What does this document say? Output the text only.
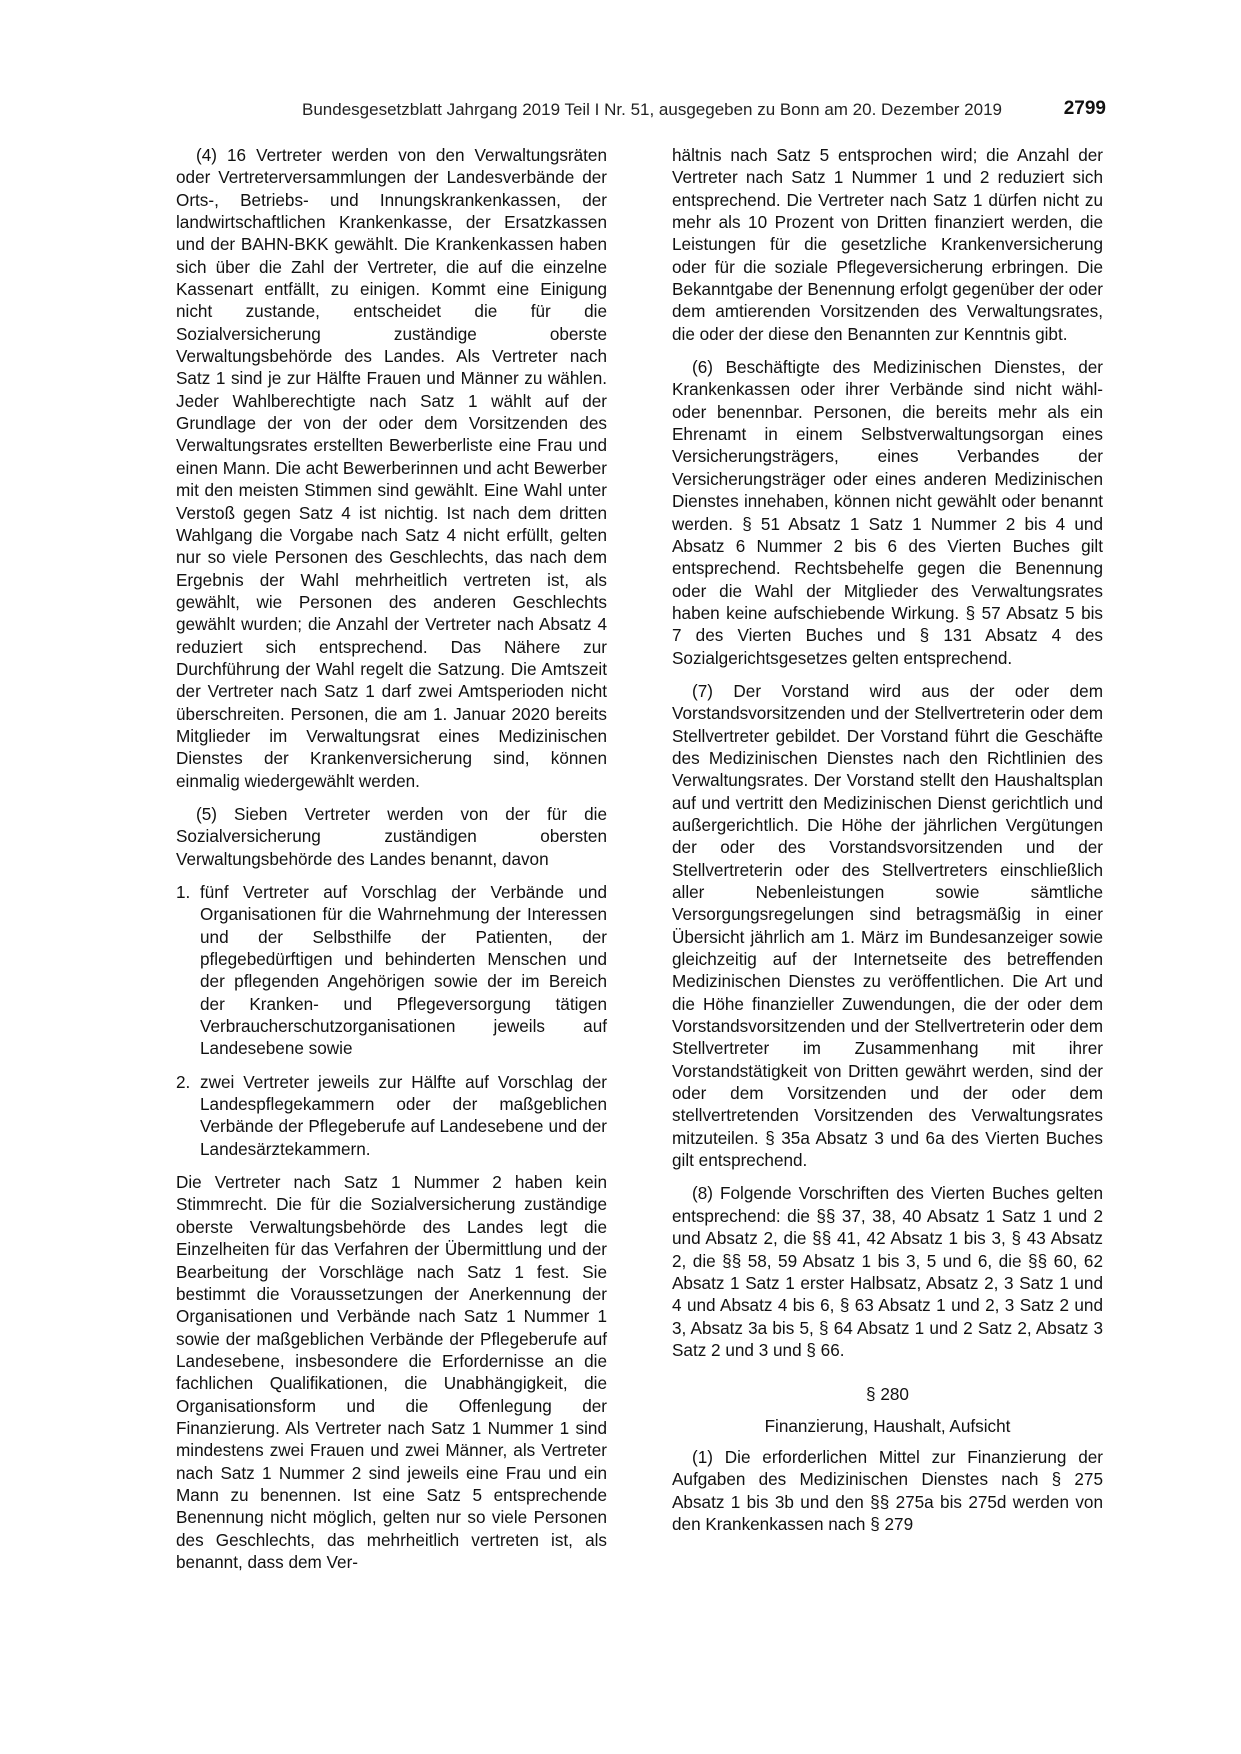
Bundesgesetzblatt Jahrgang 2019 Teil I Nr. 51, ausgegeben zu Bonn am 20. Dezember 2019	2799

(4) 16 Vertreter werden von den Verwaltungsräten oder Vertreterversammlungen der Landesverbände der Orts-, Betriebs- und Innungskrankenkassen, der landwirtschaftlichen Krankenkasse, der Ersatzkassen und der BAHN-BKK gewählt. Die Krankenkassen haben sich über die Zahl der Vertreter, die auf die einzelne Kassenart entfällt, zu einigen. Kommt eine Einigung nicht zustande, entscheidet die für die Sozialversicherung zuständige oberste Verwaltungsbehörde des Landes. Als Vertreter nach Satz 1 sind je zur Hälfte Frauen und Männer zu wählen. Jeder Wahlberechtigte nach Satz 1 wählt auf der Grundlage der von der oder dem Vorsitzenden des Verwaltungsrates erstellten Bewerberliste eine Frau und einen Mann. Die acht Bewerberinnen und acht Bewerber mit den meisten Stimmen sind gewählt. Eine Wahl unter Verstoß gegen Satz 4 ist nichtig. Ist nach dem dritten Wahlgang die Vorgabe nach Satz 4 nicht erfüllt, gelten nur so viele Personen des Geschlechts, das nach dem Ergebnis der Wahl mehrheitlich vertreten ist, als gewählt, wie Personen des anderen Geschlechts gewählt wurden; die Anzahl der Vertreter nach Absatz 4 reduziert sich entsprechend. Das Nähere zur Durchführung der Wahl regelt die Satzung. Die Amtszeit der Vertreter nach Satz 1 darf zwei Amtsperioden nicht überschreiten. Personen, die am 1. Januar 2020 bereits Mitglieder im Verwaltungsrat eines Medizinischen Dienstes der Krankenversicherung sind, können einmalig wiedergewählt werden.

(5) Sieben Vertreter werden von der für die Sozialversicherung zuständigen obersten Verwaltungsbehörde des Landes benannt, davon

1. fünf Vertreter auf Vorschlag der Verbände und Organisationen für die Wahrnehmung der Interessen und der Selbsthilfe der Patienten, der pflegebedürftigen und behinderten Menschen und der pflegenden Angehörigen sowie der im Bereich der Kranken- und Pflegeversorgung tätigen Verbraucherschutzorganisationen jeweils auf Landesebene sowie
2. zwei Vertreter jeweils zur Hälfte auf Vorschlag der Landespflegekammern oder der maßgeblichen Verbände der Pflegeberufe auf Landesebene und der Landesärztekammern.

Die Vertreter nach Satz 1 Nummer 2 haben kein Stimmrecht. Die für die Sozialversicherung zuständige oberste Verwaltungsbehörde des Landes legt die Einzelheiten für das Verfahren der Übermittlung und der Bearbeitung der Vorschläge nach Satz 1 fest. Sie bestimmt die Voraussetzungen der Anerkennung der Organisationen und Verbände nach Satz 1 Nummer 1 sowie der maßgeblichen Verbände der Pflegeberufe auf Landesebene, insbesondere die Erfordernisse an die fachlichen Qualifikationen, die Unabhängigkeit, die Organisationsform und die Offenlegung der Finanzierung. Als Vertreter nach Satz 1 Nummer 1 sind mindestens zwei Frauen und zwei Männer, als Vertreter nach Satz 1 Nummer 2 sind jeweils eine Frau und ein Mann zu benennen. Ist eine Satz 5 entsprechende Benennung nicht möglich, gelten nur so viele Personen des Geschlechts, das mehrheitlich vertreten ist, als benannt, dass dem Ver-

hältnis nach Satz 5 entsprochen wird; die Anzahl der Vertreter nach Satz 1 Nummer 1 und 2 reduziert sich entsprechend. Die Vertreter nach Satz 1 dürfen nicht zu mehr als 10 Prozent von Dritten finanziert werden, die Leistungen für die gesetzliche Krankenversicherung oder für die soziale Pflegeversicherung erbringen. Die Bekanntgabe der Benennung erfolgt gegenüber der oder dem amtierenden Vorsitzenden des Verwaltungsrates, die oder der diese den Benannten zur Kenntnis gibt.

(6) Beschäftigte des Medizinischen Dienstes, der Krankenkassen oder ihrer Verbände sind nicht wähl- oder benennbar. Personen, die bereits mehr als ein Ehrenamt in einem Selbstverwaltungsorgan eines Versicherungsträgers, eines Verbandes der Versicherungsträger oder eines anderen Medizinischen Dienstes innehaben, können nicht gewählt oder benannt werden. § 51 Absatz 1 Satz 1 Nummer 2 bis 4 und Absatz 6 Nummer 2 bis 6 des Vierten Buches gilt entsprechend. Rechtsbehelfe gegen die Benennung oder die Wahl der Mitglieder des Verwaltungsrates haben keine aufschiebende Wirkung. § 57 Absatz 5 bis 7 des Vierten Buches und § 131 Absatz 4 des Sozialgerichtsgesetzes gelten entsprechend.

(7) Der Vorstand wird aus der oder dem Vorstandsvorsitzenden und der Stellvertreterin oder dem Stellvertreter gebildet. Der Vorstand führt die Geschäfte des Medizinischen Dienstes nach den Richtlinien des Verwaltungsrates. Der Vorstand stellt den Haushaltsplan auf und vertritt den Medizinischen Dienst gerichtlich und außergerichtlich. Die Höhe der jährlichen Vergütungen der oder des Vorstandsvorsitzenden und der Stellvertreterin oder des Stellvertreters einschließlich aller Nebenleistungen sowie sämtliche Versorgungsregelungen sind betragsmäßig in einer Übersicht jährlich am 1. März im Bundesanzeiger sowie gleichzeitig auf der Internetseite des betreffenden Medizinischen Dienstes zu veröffentlichen. Die Art und die Höhe finanzieller Zuwendungen, die der oder dem Vorstandsvorsitzenden und der Stellvertreterin oder dem Stellvertreter im Zusammenhang mit ihrer Vorstandstätigkeit von Dritten gewährt werden, sind der oder dem Vorsitzenden und der oder dem stellvertretenden Vorsitzenden des Verwaltungsrates mitzuteilen. § 35a Absatz 3 und 6a des Vierten Buches gilt entsprechend.

(8) Folgende Vorschriften des Vierten Buches gelten entsprechend: die §§ 37, 38, 40 Absatz 1 Satz 1 und 2 und Absatz 2, die §§ 41, 42 Absatz 1 bis 3, § 43 Absatz 2, die §§ 58, 59 Absatz 1 bis 3, 5 und 6, die §§ 60, 62 Absatz 1 Satz 1 erster Halbsatz, Absatz 2, 3 Satz 1 und 4 und Absatz 4 bis 6, § 63 Absatz 1 und 2, 3 Satz 2 und 3, Absatz 3a bis 5, § 64 Absatz 1 und 2 Satz 2, Absatz 3 Satz 2 und 3 und § 66.

§ 280
Finanzierung, Haushalt, Aufsicht

(1) Die erforderlichen Mittel zur Finanzierung der Aufgaben des Medizinischen Dienstes nach § 275 Absatz 1 bis 3b und den §§ 275a bis 275d werden von den Krankenkassen nach § 279
